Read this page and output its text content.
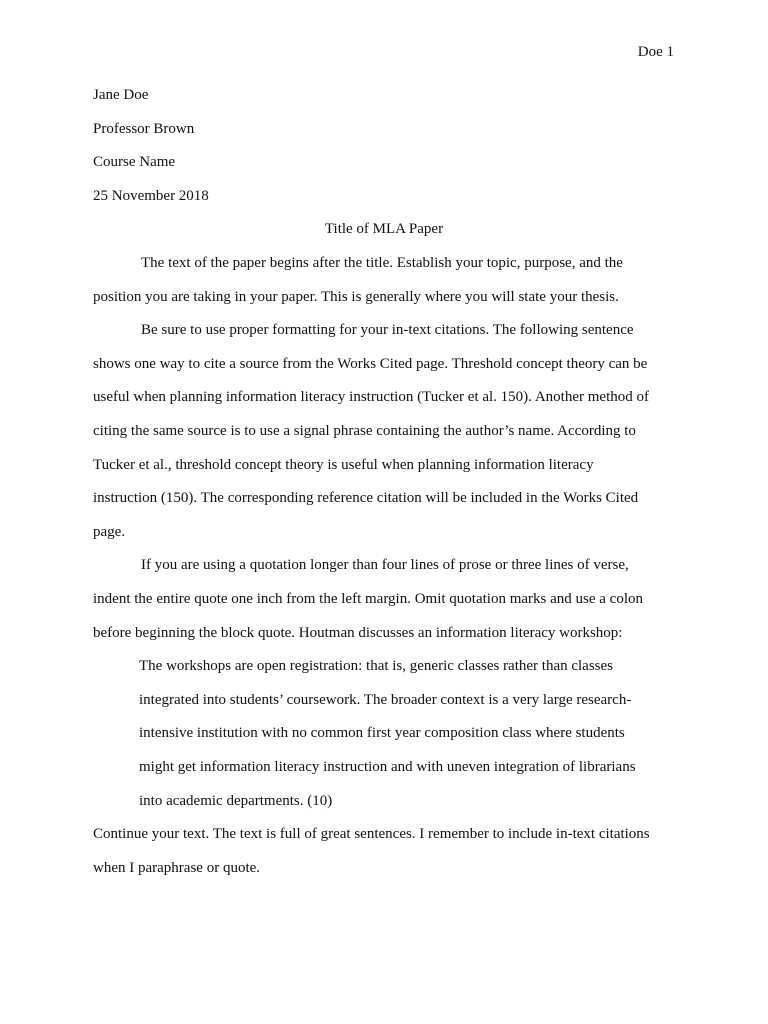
Doe 1
Jane Doe
Professor Brown
Course Name
25 November 2018
Title of MLA Paper
The text of the paper begins after the title. Establish your topic, purpose, and the
position you are taking in your paper. This is generally where you will state your thesis.
Be sure to use proper formatting for your in-text citations. The following sentence
shows one way to cite a source from the Works Cited page. Threshold concept theory can be
useful when planning information literacy instruction (Tucker et al. 150). Another method of
citing the same source is to use a signal phrase containing the author’s name. According to
Tucker et al., threshold concept theory is useful when planning information literacy
instruction (150). The corresponding reference citation will be included in the Works Cited
page.
If you are using a quotation longer than four lines of prose or three lines of verse,
indent the entire quote one inch from the left margin. Omit quotation marks and use a colon
before beginning the block quote. Houtman discusses an information literacy workshop:
The workshops are open registration: that is, generic classes rather than classes
integrated into students’ coursework. The broader context is a very large research-
intensive institution with no common first year composition class where students
might get information literacy instruction and with uneven integration of librarians
into academic departments. (10)
Continue your text. The text is full of great sentences. I remember to include in-text citations
when I paraphrase or quote.
